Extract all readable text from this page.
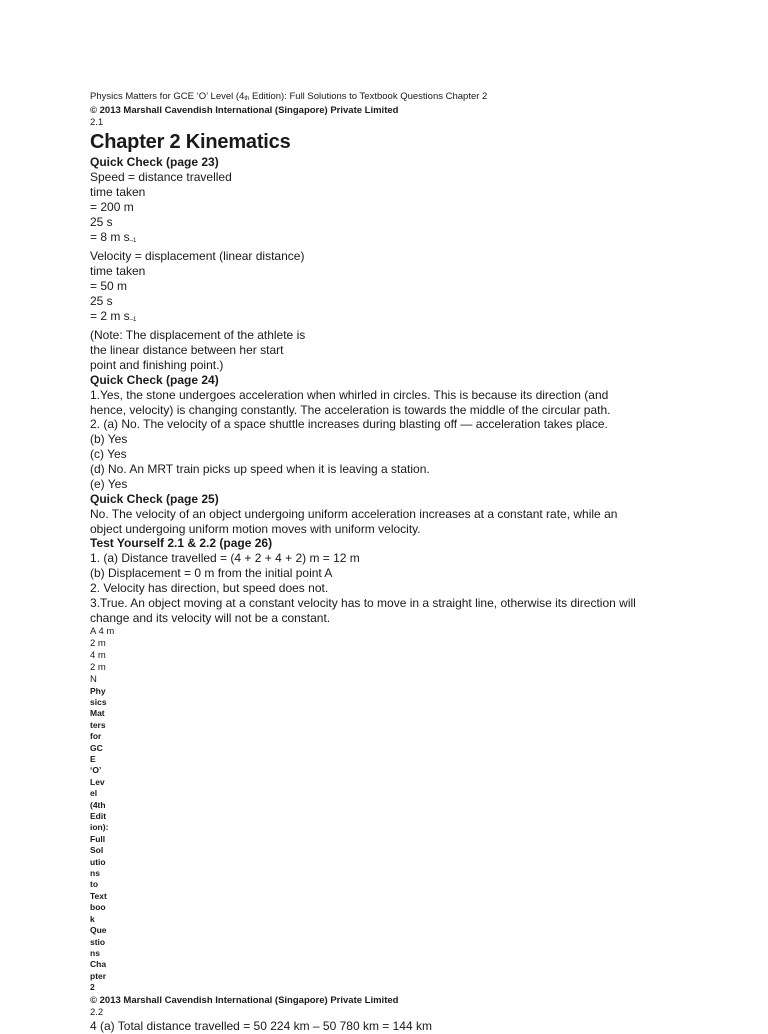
Physics Matters for GCE ‘O’ Level ($4_{th}$ Edition): Full Solutions to Textbook Questions Chapter 2
© 2013 Marshall Cavendish International (Singapore) Private Limited
2.1
Chapter 2 Kinematics
Quick Check (page 23)
Speed = distance travelled
time taken
= 200 m
25 s
= 8 m $s_{-1}$
Velocity = displacement (linear distance)
time taken
= 50 m
25 s
= 2 m $s_{-1}$
(Note: The displacement of the athlete is
the linear distance between her start
point and finishing point.)
Quick Check (page 24)
1.Yes, the stone undergoes acceleration when whirled in circles. This is because its direction (and hence, velocity) is changing constantly. The acceleration is towards the middle of the circular path.
2. (a) No. The velocity of a space shuttle increases during blasting off — acceleration takes place.
(b) Yes
(c) Yes
(d) No. An MRT train picks up speed when it is leaving a station.
(e) Yes
Quick Check (page 25)
No. The velocity of an object undergoing uniform acceleration increases at a constant rate, while an object undergoing uniform motion moves with uniform velocity.
Test Yourself 2.1 & 2.2 (page 26)
1. (a) Distance travelled = (4 + 2 + 4 + 2) m = 12 m
(b) Displacement = 0 m from the initial point A
2. Velocity has direction, but speed does not.
3.True. An object moving at a constant velocity has to move in a straight line, otherwise its direction will change and its velocity will not be a constant.
A 4 m
2 m
4 m
2 m
N
Phy
sics
Mat
ters
for
GC
E
‘O’
Lev
el
(4th
Edit
ion):
Full
Sol
utio
ns
to
Text
boo
k
Que
stio
ns
Cha
pter
2
© 2013 Marshall Cavendish International (Singapore) Private Limited
2.2
4 (a) Total distance travelled = 50 224 km – 50 780 km = 144 km
